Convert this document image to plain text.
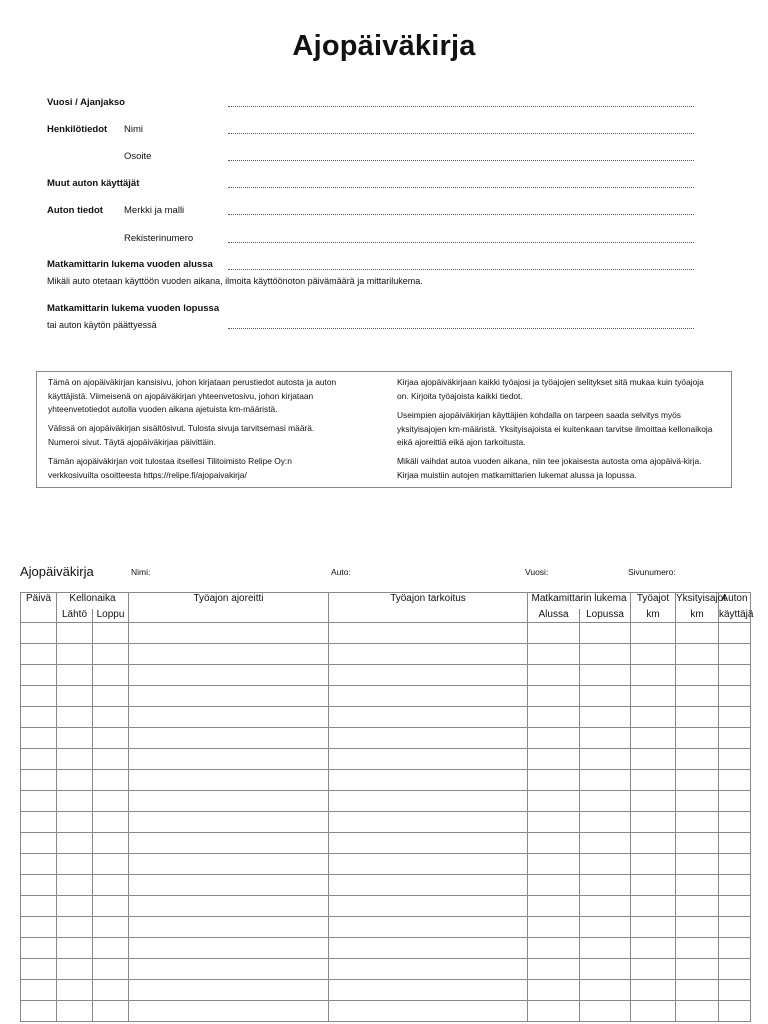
Ajopäiväkirja
Vuosi / Ajanjakso
Henkilötiedot Nimi
Osoite
Muut auton käyttäjät
Auton tiedot Merkki ja malli
Rekisterinumero
Matkamittarin lukema vuoden alussa
Mikäli auto otetaan käyttöön vuoden aikana, ilmoita käyttöönoton päivämäärä ja mittarilukema.
Matkamittarin lukema vuoden lopussa
tai auton käytön päättyessä
Tämä on ajopäiväkirjan kansisivu, johon kirjataan perustiedot autosta ja auton käyttäjistä. Viimeisenä on ajopäiväkirjan yhteenvetosivu, johon kirjataan yhteenvetotiedot autolla vuoden aikana ajetuista km-määristä.
Välissä on ajopäiväkirjan sisältösivut. Tulosta sivuja tarvitsemasi määrä. Numeroi sivut. Täytä ajopäiväkirjaa päivittäin.
Tämän ajopäiväkirjan voit tulostaa itsellesi Tilitoimisto Relipe Oy:n verkkosivuilta osoitteesta https://relipe.fi/ajopaivakirja/
Kirjaa ajopäiväkirjaan kaikki työajosi ja työajojen selitykset sitä mukaa kuin työajoja on. Kirjoita työajoista kaikki tiedot.
Useimpien ajopäiväkirjan käyttäjien kohdalla on tarpeen saada selvitys myös yksityisajojen km-määristä. Yksityisajoista ei kuitenkaan tarvitse ilmoittaa kellonaikoja eikä ajoreittiä eikä ajon tarkoitusta.
Mikäli vaihdat autoa vuoden aikana, niin tee jokaisesta autosta oma ajopäivä-kirja. Kirjaa muistiin autojen matkamittarien lukemat alussa ja lopussa.
Ajopäiväkirja	Nimi:	Auto:	Vuosi:	Sivunumero:
Päivä	Kellonaika		Työajon ajoreitti	Työajon tarkoitus	Matkamittarin lukema		Työajot	Yksityisajot	Auton
	Lähtö	Loppu			Alussa	Lopussa	km	km	käyttäjä
